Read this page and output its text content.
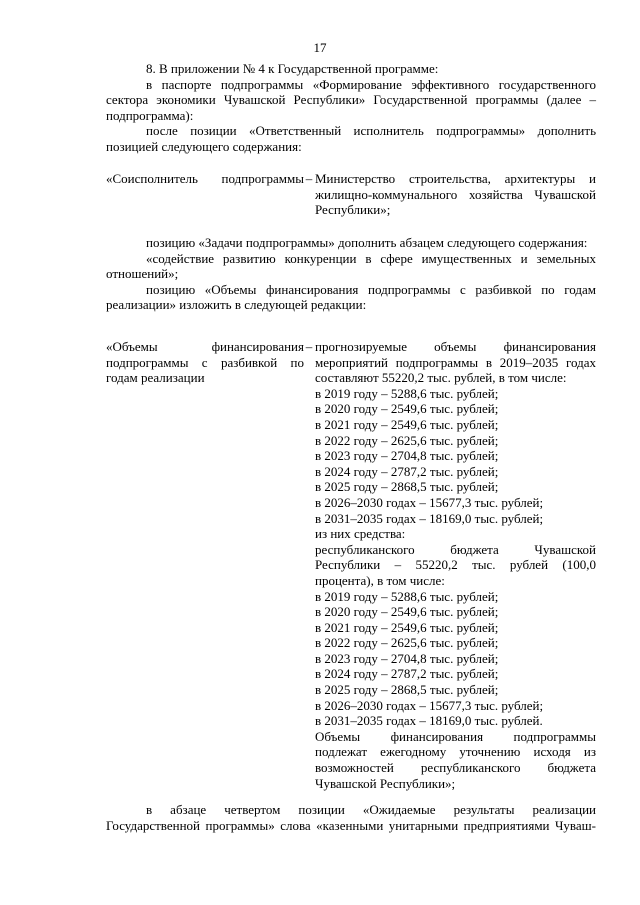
17

8. В приложении № 4 к Государственной программе:

в паспорте подпрограммы «Формирование эффективного государственного сектора экономики Чувашской Республики» Государственной программы (далее – подпрограмма):

после позиции «Ответственный исполнитель подпрограммы» дополнить позицией следующего содержания:

«Соисполнитель подпрограммы – Министерство строительства, архитектуры и жилищно-коммунального хозяйства Чувашской Республики»;

позицию «Задачи подпрограммы» дополнить абзацем следующего содержания:

«содействие развитию конкуренции в сфере имущественных и земельных отношений»;

позицию «Объемы финансирования подпрограммы с разбивкой по годам реализации» изложить в следующей редакции:

«Объемы финансирования подпрограммы с разбивкой по годам реализации
– прогнозируемые объемы финансирования мероприятий подпрограммы в 2019–2035 годах составляют 55220,2 тыс. рублей, в том числе:
в 2019 году – 5288,6 тыс. рублей;
в 2020 году – 2549,6 тыс. рублей;
в 2021 году – 2549,6 тыс. рублей;
в 2022 году – 2625,6 тыс. рублей;
в 2023 году – 2704,8 тыс. рублей;
в 2024 году – 2787,2 тыс. рублей;
в 2025 году – 2868,5 тыс. рублей;
в 2026–2030 годах – 15677,3 тыс. рублей;
в 2031–2035 годах – 18169,0 тыс. рублей;
из них средства:
республиканского бюджета Чувашской Республики – 55220,2 тыс. рублей (100,0 процента), в том числе:
в 2019 году – 5288,6 тыс. рублей;
в 2020 году – 2549,6 тыс. рублей;
в 2021 году – 2549,6 тыс. рублей;
в 2022 году – 2625,6 тыс. рублей;
в 2023 году – 2704,8 тыс. рублей;
в 2024 году – 2787,2 тыс. рублей;
в 2025 году – 2868,5 тыс. рублей;
в 2026–2030 годах – 15677,3 тыс. рублей;
в 2031–2035 годах – 18169,0 тыс. рублей.
Объемы финансирования подпрограммы подлежат ежегодному уточнению исходя из возможностей республиканского бюджета Чувашской Республики»;

в абзаце четвертом позиции «Ожидаемые результаты реализации Государственной программы» слова «казенными унитарными предприятиями Чуваш-
